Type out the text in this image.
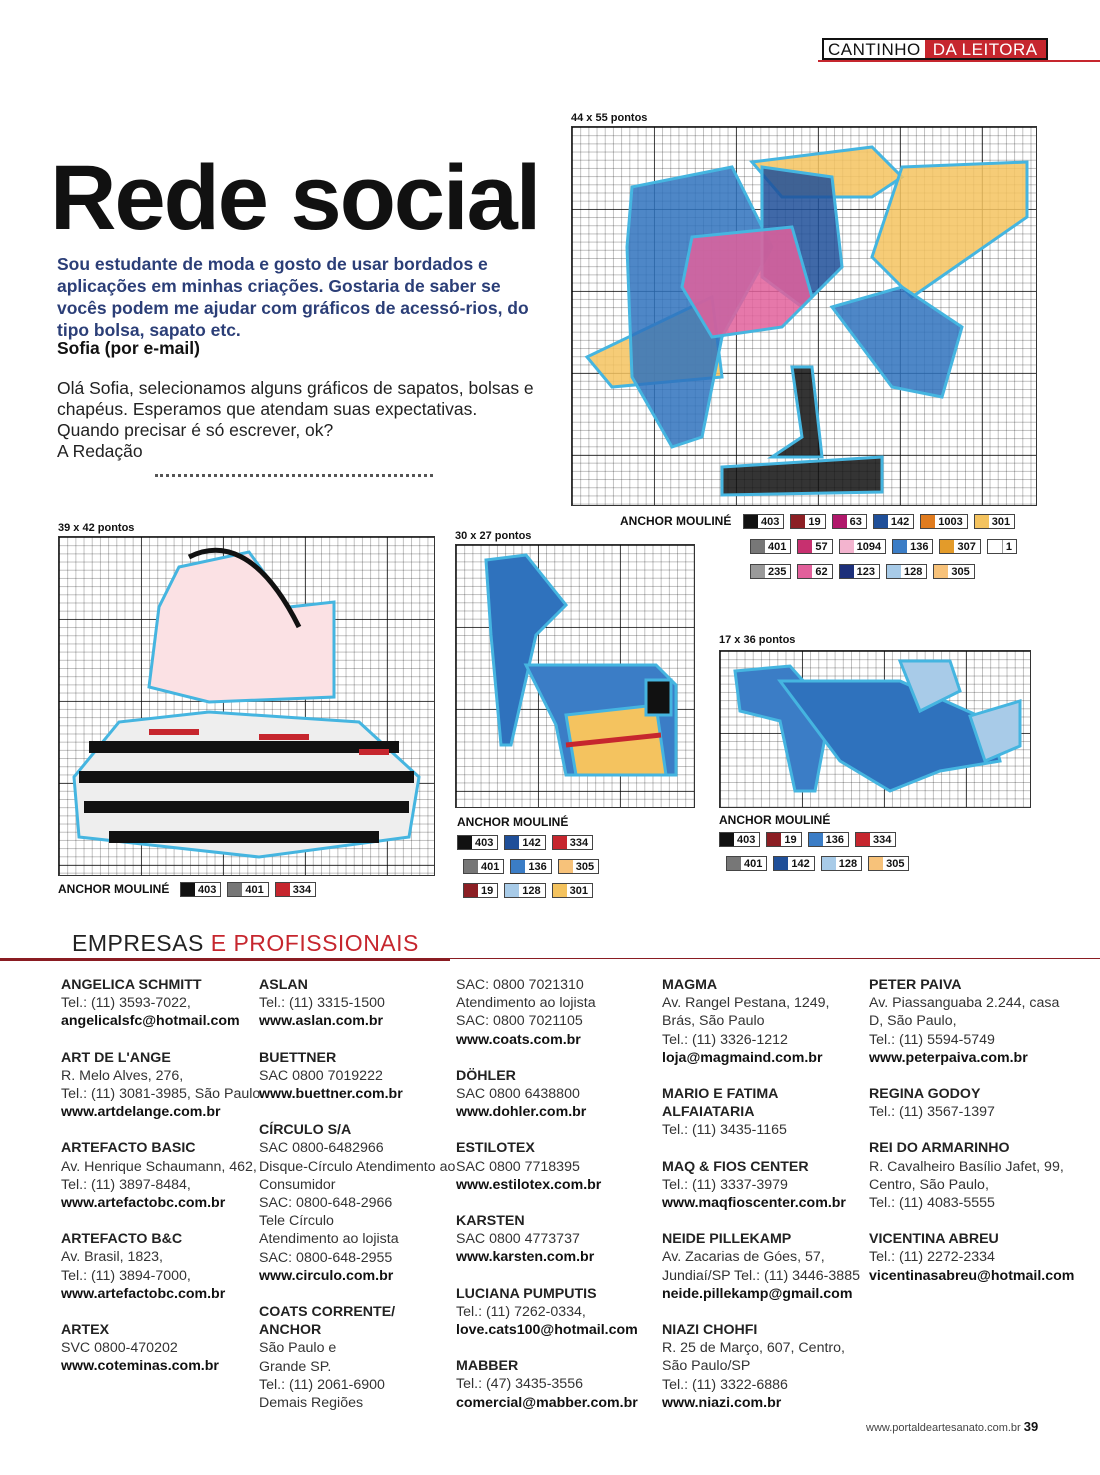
CANTINHO DA LEITORA
Rede social

Sou estudante de moda e gosto de usar bordados e aplicações em minhas criações. Gostaria de saber se vocês podem me ajudar com gráficos de acessó-rios, do tipo bolsa, sapato etc.

Sofia (por e-mail)

Olá Sofia, selecionamos alguns gráficos de sapatos, bolsas e chapéus. Esperamos que atendam suas expectativas. Quando precisar é só escrever, ok?

A Redação
44 x 55 pontos
ANCHOR MOULINÉ	403	19	63	142	1003	301
401	57	1094	136	307	1
235	62	123	128	305
39 x 42 pontos
ANCHOR MOULINÉ	403	401	334
30 x 27 pontos
ANCHOR MOULINÉ
403	142	334
401	136	305
19	128	301
17 x 36 pontos
ANCHOR MOULINÉ
403	19	136	334
401	142	128	305
EMPRESAS E PROFISSIONAIS
ANGELICA SCHMITT
Tel.: (11) 3593-7022,
angelicalsfc@hotmail.com
ART DE L'ANGE
R. Melo Alves, 276,
Tel.: (11) 3081-3985, São Paulo
www.artdelange.com.br
ARTEFACTO BASIC
Av. Henrique Schaumann, 462,
Tel.: (11) 3897-8484,
www.artefactobc.com.br
ARTEFACTO B&C
Av. Brasil, 1823,
Tel.: (11) 3894-7000,
www.artefactobc.com.br
ARTEX
SVC 0800-470202
www.coteminas.com.br
ASLAN
Tel.: (11) 3315-1500
www.aslan.com.br
BUETTNER
SAC 0800 7019222
www.buettner.com.br
CÍRCULO S/A
SAC 0800-6482966
Disque-Círculo Atendimento ao Consumidor
SAC: 0800-648-2966
Tele Círculo
Atendimento ao lojista
SAC: 0800-648-2955
www.circulo.com.br
COATS CORRENTE/ ANCHOR
São Paulo e
Grande SP.
Tel.: (11) 2061-6900
Demais Regiões
SAC: 0800 7021310
Atendimento ao lojista
SAC: 0800 7021105
www.coats.com.br
DÖHLER
SAC 0800 6438800
www.dohler.com.br
ESTILOTEX
SAC 0800 7718395
www.estilotex.com.br
KARSTEN
SAC 0800 4773737
www.karsten.com.br
LUCIANA PUMPUTIS
Tel.: (11) 7262-0334,
love.cats100@hotmail.com
MABBER
Tel.: (47) 3435-3556
comercial@mabber.com.br
MAGMA
Av. Rangel Pestana, 1249, Brás, São Paulo
Tel.: (11) 3326-1212
loja@magmaind.com.br
MARIO E FATIMA ALFAIATARIA
Tel.: (11) 3435-1165
MAQ & FIOS CENTER
Tel.: (11) 3337-3979
www.maqfioscenter.com.br
NEIDE PILLEKAMP
Av. Zacarias de Góes, 57, Jundiaí/SP Tel.: (11) 3446-3885
neide.pillekamp@gmail.com
NIAZI CHOHFI
R. 25 de Março, 607, Centro, São Paulo/SP
Tel.: (11) 3322-6886
www.niazi.com.br
PETER PAIVA
Av. Piassanguaba 2.244, casa D, São Paulo,
Tel.: (11) 5594-5749
www.peterpaiva.com.br
REGINA GODOY
Tel.: (11) 3567-1397
REI DO ARMARINHO
R. Cavalheiro Basílio Jafet, 99, Centro, São Paulo,
Tel.: (11) 4083-5555
VICENTINA ABREU
Tel.: (11) 2272-2334
vicentinasabreu@hotmail.com
www.portaldeartesanato.com.br 39
